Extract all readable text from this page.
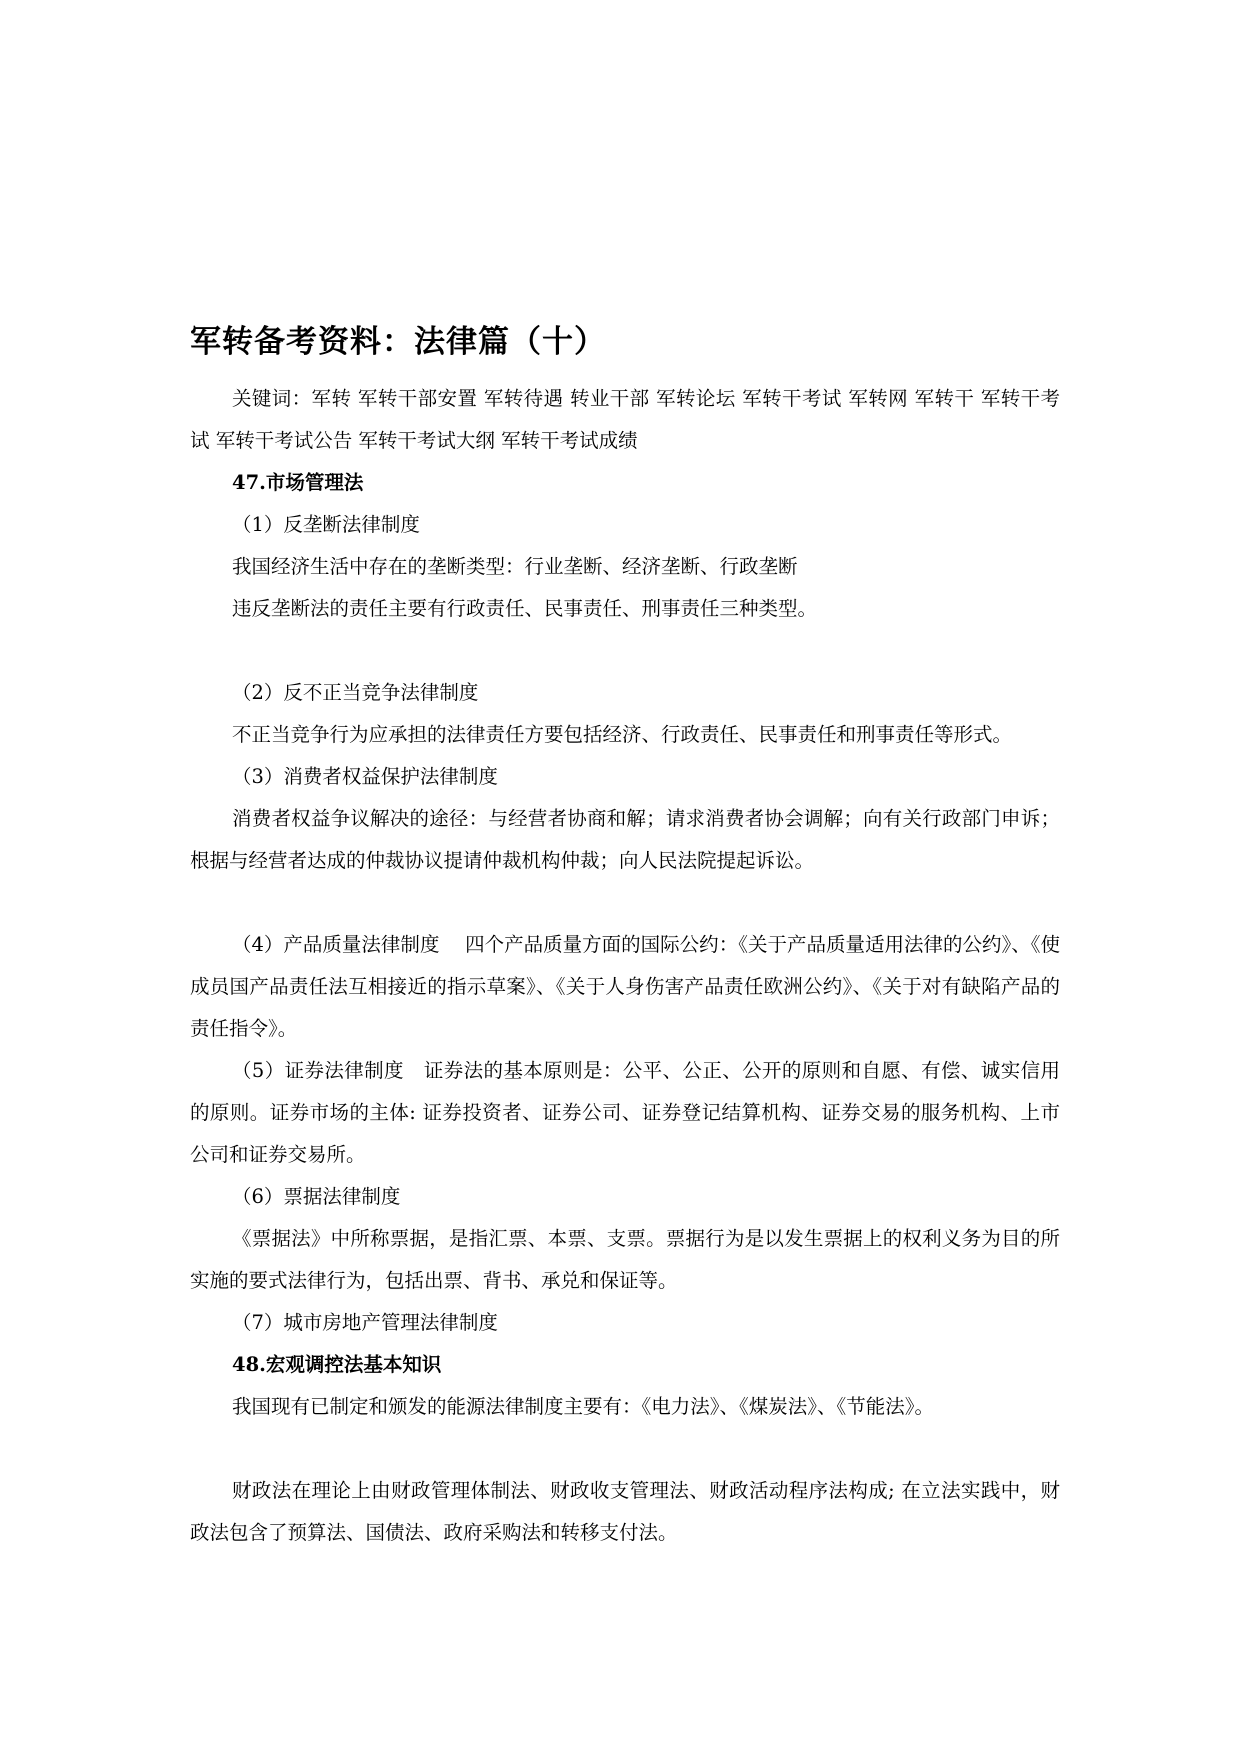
军转备考资料：法律篇（十）

关键词：军转 军转干部安置 军转待遇 转业干部 军转论坛 军转干考试 军转网 军转干 军转干考试 军转干考试公告 军转干考试大纲 军转干考试成绩

47.市场管理法

（1）反垄断法律制度

我国经济生活中存在的垄断类型：行业垄断、经济垄断、行政垄断

违反垄断法的责任主要有行政责任、民事责任、刑事责任三种类型。

（2）反不正当竞争法律制度

不正当竞争行为应承担的法律责任方要包括经济、行政责任、民事责任和刑事责任等形式。

（3）消费者权益保护法律制度

消费者权益争议解决的途径：与经营者协商和解；请求消费者协会调解；向有关行政部门申诉；根据与经营者达成的仲裁协议提请仲裁机构仲裁；向人民法院提起诉讼。

（4）产品质量法律制度　 四个产品质量方面的国际公约：《关于产品质量适用法律的公约》、《使成员国产品责任法互相接近的指示草案》、《关于人身伤害产品责任欧洲公约》、《关于对有缺陷产品的责任指令》。

（5）证券法律制度　证券法的基本原则是：公平、公正、公开的原则和自愿、有偿、诚实信用的原则。证券市场的主体: 证券投资者、证券公司、证券登记结算机构、证券交易的服务机构、上市公司和证券交易所。

（6）票据法律制度

《票据法》中所称票据，是指汇票、本票、支票。票据行为是以发生票据上的权利义务为目的所实施的要式法律行为，包括出票、背书、承兑和保证等。

（7）城市房地产管理法律制度

48.宏观调控法基本知识

我国现有已制定和颁发的能源法律制度主要有：《电力法》、《煤炭法》、《节能法》。

财政法在理论上由财政管理体制法、财政收支管理法、财政活动程序法构成; 在立法实践中，财政法包含了预算法、国债法、政府采购法和转移支付法。
